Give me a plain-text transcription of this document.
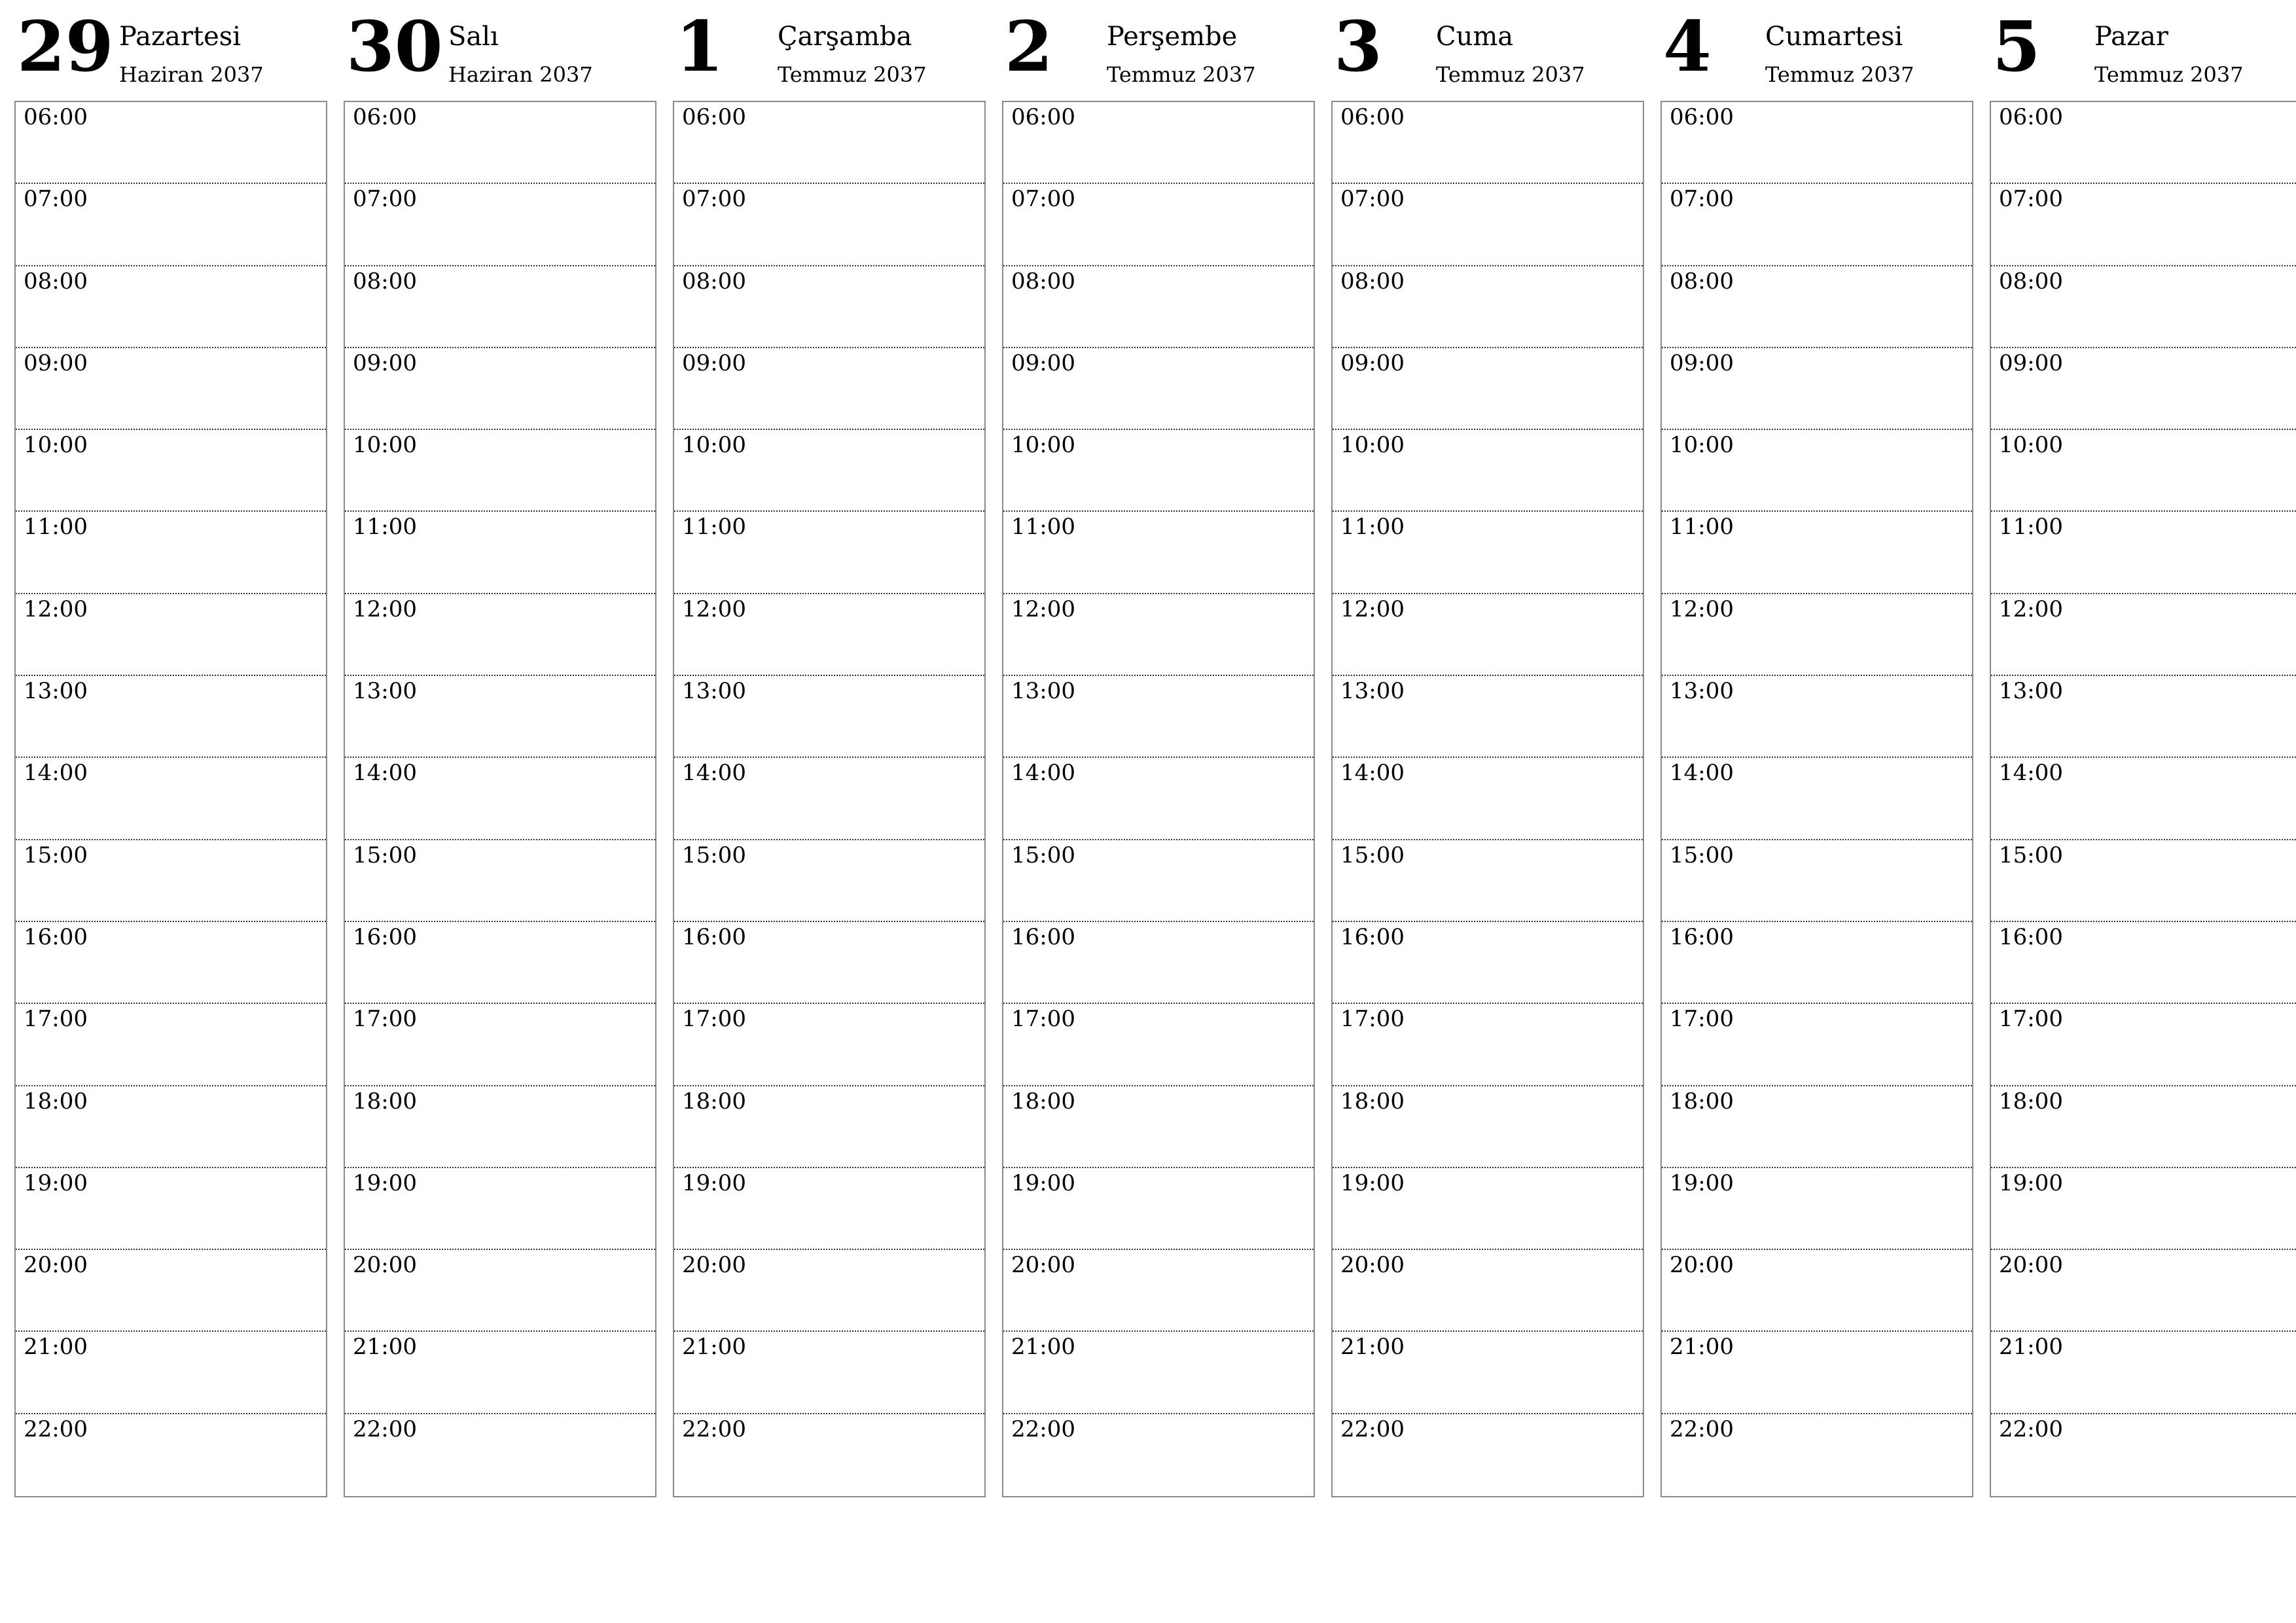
29 Pazartesi
Haziran 2037
06:00
07:00
08:00
09:00
10:00
11:00
12:00
13:00
14:00
15:00
16:00
17:00
18:00
19:00
20:00
21:00
22:00
30 Salı
Haziran 2037
06:00
07:00
08:00
09:00
10:00
11:00
12:00
13:00
14:00
15:00
16:00
17:00
18:00
19:00
20:00
21:00
22:00
1 Çarşamba
Temmuz 2037
06:00
07:00
08:00
09:00
10:00
11:00
12:00
13:00
14:00
15:00
16:00
17:00
18:00
19:00
20:00
21:00
22:00
2 Perşembe
Temmuz 2037
06:00
07:00
08:00
09:00
10:00
11:00
12:00
13:00
14:00
15:00
16:00
17:00
18:00
19:00
20:00
21:00
22:00
3 Cuma
Temmuz 2037
06:00
07:00
08:00
09:00
10:00
11:00
12:00
13:00
14:00
15:00
16:00
17:00
18:00
19:00
20:00
21:00
22:00
4 Cumartesi
Temmuz 2037
06:00
07:00
08:00
09:00
10:00
11:00
12:00
13:00
14:00
15:00
16:00
17:00
18:00
19:00
20:00
21:00
22:00
5 Pazar
Temmuz 2037
06:00
07:00
08:00
09:00
10:00
11:00
12:00
13:00
14:00
15:00
16:00
17:00
18:00
19:00
20:00
21:00
22:00
